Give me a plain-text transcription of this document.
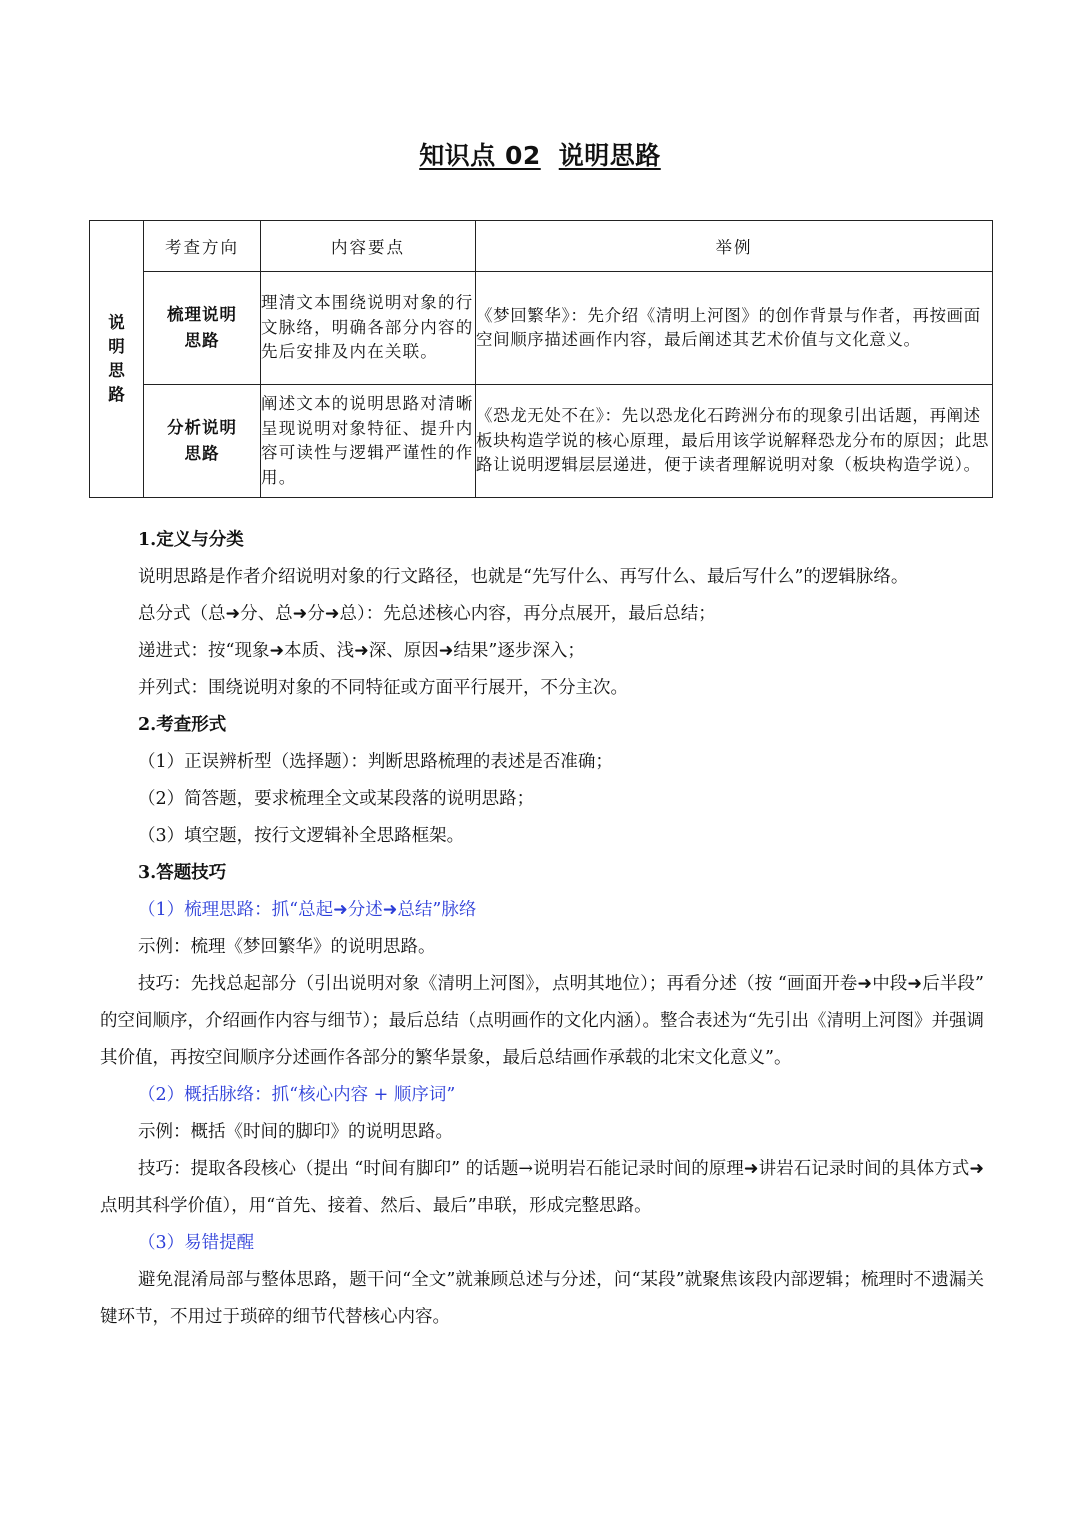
知识点 02 说明思路
说明思路	考查方向	内容要点	举例

	梳理说明思路	理清文本围绕说明对象的行文脉络，明确各部分内容的先后安排及内在关联。	《梦回繁华》：先介绍《清明上河图》的创作背景与作者，再按画面空间顺序描述画作内容，最后阐述其艺术价值与文化意义。

	分析说明思路	阐述文本的说明思路对清晰呈现说明对象特征、提升内容可读性与逻辑严谨性的作用。	《恐龙无处不在》：先以恐龙化石跨洲分布的现象引出话题，再阐述板块构造学说的核心原理，最后用该学说解释恐龙分布的原因；此思路让说明逻辑层层递进，便于读者理解说明对象（板块构造学说）。

1.定义与分类

说明思路是作者介绍说明对象的行文路径，也就是“先写什么、再写什么、最后写什么”的逻辑脉络。

总分式（总➜分、总➜分➜总）：先总述核心内容，再分点展开，最后总结；

递进式：按“现象➜本质、浅➜深、原因➜结果”逐步深入；

并列式：围绕说明对象的不同特征或方面平行展开，不分主次。

2.考查形式

（1）正误辨析型（选择题）：判断思路梳理的表述是否准确；

（2）简答题，要求梳理全文或某段落的说明思路；

（3）填空题，按行文逻辑补全思路框架。

3.答题技巧

（1）梳理思路：抓“总起➜分述➜总结”脉络

示例：梳理《梦回繁华》的说明思路。

技巧：先找总起部分（引出说明对象《清明上河图》，点明其地位）；再看分述（按 “画面开卷➜中段➜后半段” 的空间顺序，介绍画作内容与细节）；最后总结（点明画作的文化内涵）。整合表述为“先引出《清明上河图》并强调其价值，再按空间顺序分述画作各部分的繁华景象，最后总结画作承载的北宋文化意义”。

（2）概括脉络：抓“核心内容 + 顺序词”

示例：概括《时间的脚印》的说明思路。

技巧：提取各段核心（提出 “时间有脚印” 的话题→说明岩石能记录时间的原理➜讲岩石记录时间的具体方式➜点明其科学价值），用“首先、接着、然后、最后”串联，形成完整思路。

（3）易错提醒

避免混淆局部与整体思路，题干问“全文”就兼顾总述与分述，问“某段”就聚焦该段内部逻辑；梳理时不遗漏关键环节，不用过于琐碎的细节代替核心内容。
